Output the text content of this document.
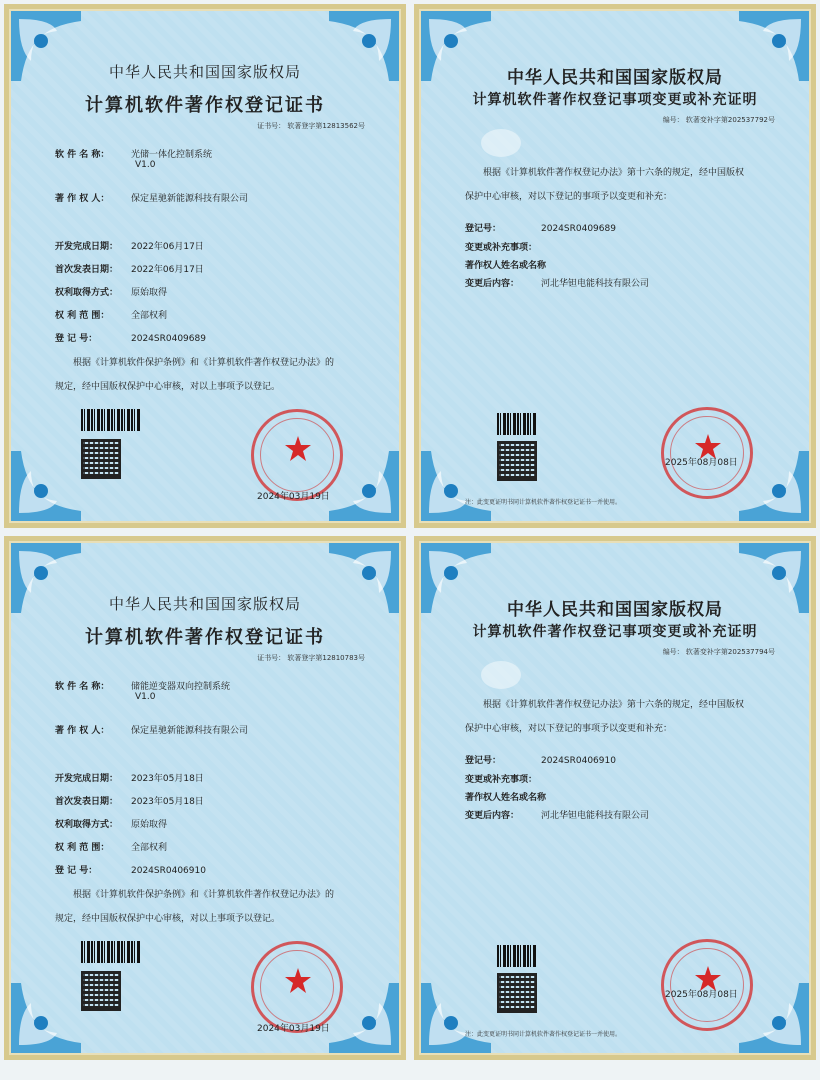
中华人民共和国国家版权局
计算机软件著作权登记证书
证书号： 软著登字第12813562号
软 件 名 称： 光储一体化控制系统
V1.0
著 作 权 人： 保定星驰新能源科技有限公司
开发完成日期： 2022年06月17日
首次发表日期： 2022年06月17日
权利取得方式： 原始取得
权 利 范 围： 全部权利
登 记 号：	2024SR0409689
根据《计算机软件保护条例》和《计算机软件著作权登记办法》的
规定，经中国版权保护中心审核，对以上事项予以登记。
2024年03月19日
中华人民共和国国家版权局
计算机软件著作权登记事项变更或补充证明
编号： 软著变补字第202537792号
根据《计算机软件著作权登记办法》第十六条的规定，经中国版权
保护中心审核，对以下登记的事项予以变更和补充：
登记号：	2024SR0409689
变更或补充事项：
著作权人姓名或名称
变更后内容： 河北华钽电能科技有限公司
2025年08月08日
注：此变更证明书同计算机软件著作权登记证书一并使用。
中华人民共和国国家版权局
计算机软件著作权登记证书
证书号： 软著登字第12810783号
软 件 名 称： 储能逆变器双向控制系统
V1.0
著 作 权 人： 保定星驰新能源科技有限公司
开发完成日期： 2023年05月18日
首次发表日期： 2023年05月18日
权利取得方式： 原始取得
权 利 范 围： 全部权利
登 记 号：	2024SR0406910
根据《计算机软件保护条例》和《计算机软件著作权登记办法》的
规定，经中国版权保护中心审核，对以上事项予以登记。
2024年03月19日
中华人民共和国国家版权局
计算机软件著作权登记事项变更或补充证明
编号： 软著变补字第202537794号
根据《计算机软件著作权登记办法》第十六条的规定，经中国版权
保护中心审核，对以下登记的事项予以变更和补充：
登记号：	2024SR0406910
变更或补充事项：
著作权人姓名或名称
变更后内容： 河北华钽电能科技有限公司
2025年08月08日
注：此变更证明书同计算机软件著作权登记证书一并使用。
